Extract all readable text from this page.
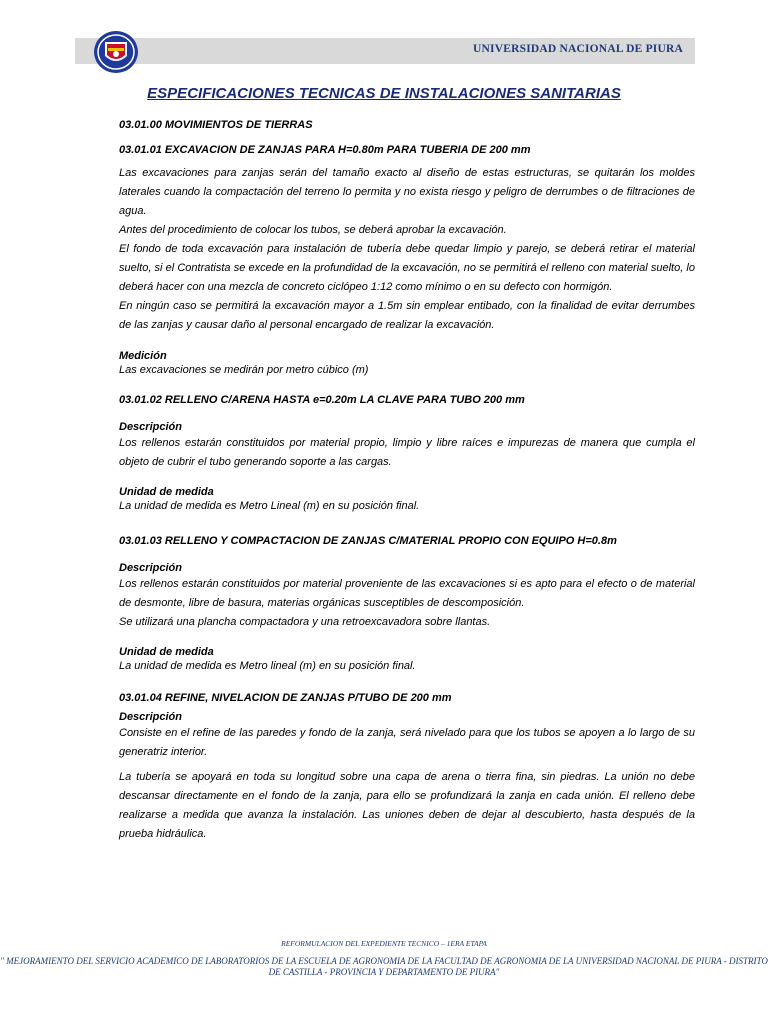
UNIVERSIDAD NACIONAL DE PIURA
ESPECIFICACIONES TECNICAS DE INSTALACIONES SANITARIAS

03.01.00 MOVIMIENTOS DE TIERRAS

03.01.01 EXCAVACION DE ZANJAS PARA H=0.80m PARA TUBERIA DE 200 mm

Las excavaciones para zanjas serán del tamaño exacto al diseño de estas estructuras, se quitarán los moldes laterales cuando la compactación del terreno lo permita y no exista riesgo y peligro de derrumbes o de filtraciones de agua.

Antes del procedimiento de colocar los tubos, se deberá aprobar la excavación.

El fondo de toda excavación para instalación de tubería debe quedar limpio y parejo, se deberá retirar el material suelto, si el Contratista se excede en la profundidad de la excavación, no se permitirá el relleno con material suelto, lo deberá hacer con una mezcla de concreto ciclópeo 1:12 como mínimo o en su defecto con hormigón.

En ningún caso se permitirá la excavación mayor a 1.5m sin emplear entibado, con la finalidad de evitar derrumbes de las zanjas y causar daño al personal encargado de realizar la excavación.

Medición

Las excavaciones se medirán por metro cúbico (m)

03.01.02 RELLENO C/ARENA HASTA e=0.20m LA CLAVE PARA TUBO 200 mm

Descripción

Los rellenos estarán constituidos por material propio, limpio y libre raíces e impurezas de manera que cumpla el objeto de cubrir el tubo generando soporte a las cargas.

Unidad de medida

La unidad de medida es Metro Lineal (m) en su posición final.

03.01.03 RELLENO Y COMPACTACION DE ZANJAS C/MATERIAL PROPIO CON EQUIPO H=0.8m

Descripción

Los rellenos estarán constituidos por material proveniente de las excavaciones si es apto para el efecto o de material de desmonte, libre de basura, materias orgánicas susceptibles de descomposición.

Se utilizará una plancha compactadora y una retroexcavadora sobre llantas.

Unidad de medida

La unidad de medida es Metro lineal (m) en su posición final.

03.01.04 REFINE, NIVELACION DE ZANJAS P/TUBO DE 200 mm

Descripción

Consiste en el refine de las paredes y fondo de la zanja, será nivelado para que los tubos se apoyen a lo largo de su generatriz interior.

La tubería se apoyará en toda su longitud sobre una capa de arena o tierra fina, sin piedras. La unión no debe descansar directamente en el fondo de la zanja, para ello se profundizará la zanja en cada unión. El relleno debe realizarse a medida que avanza la instalación. Las uniones deben de dejar al descubierto, hasta después de la prueba hidráulica.

REFORMULACION DEL EXPEDIENTE TECNICO – 1ERA ETAPA
" MEJORAMIENTO DEL SERVICIO ACADEMICO DE LABORATORIOS DE LA ESCUELA DE AGRONOMIA DE LA FACULTAD DE AGRONOMIA DE LA UNIVERSIDAD NACIONAL DE PIURA - DISTRITO DE CASTILLA - PROVINCIA Y DEPARTAMENTO DE PIURA"
